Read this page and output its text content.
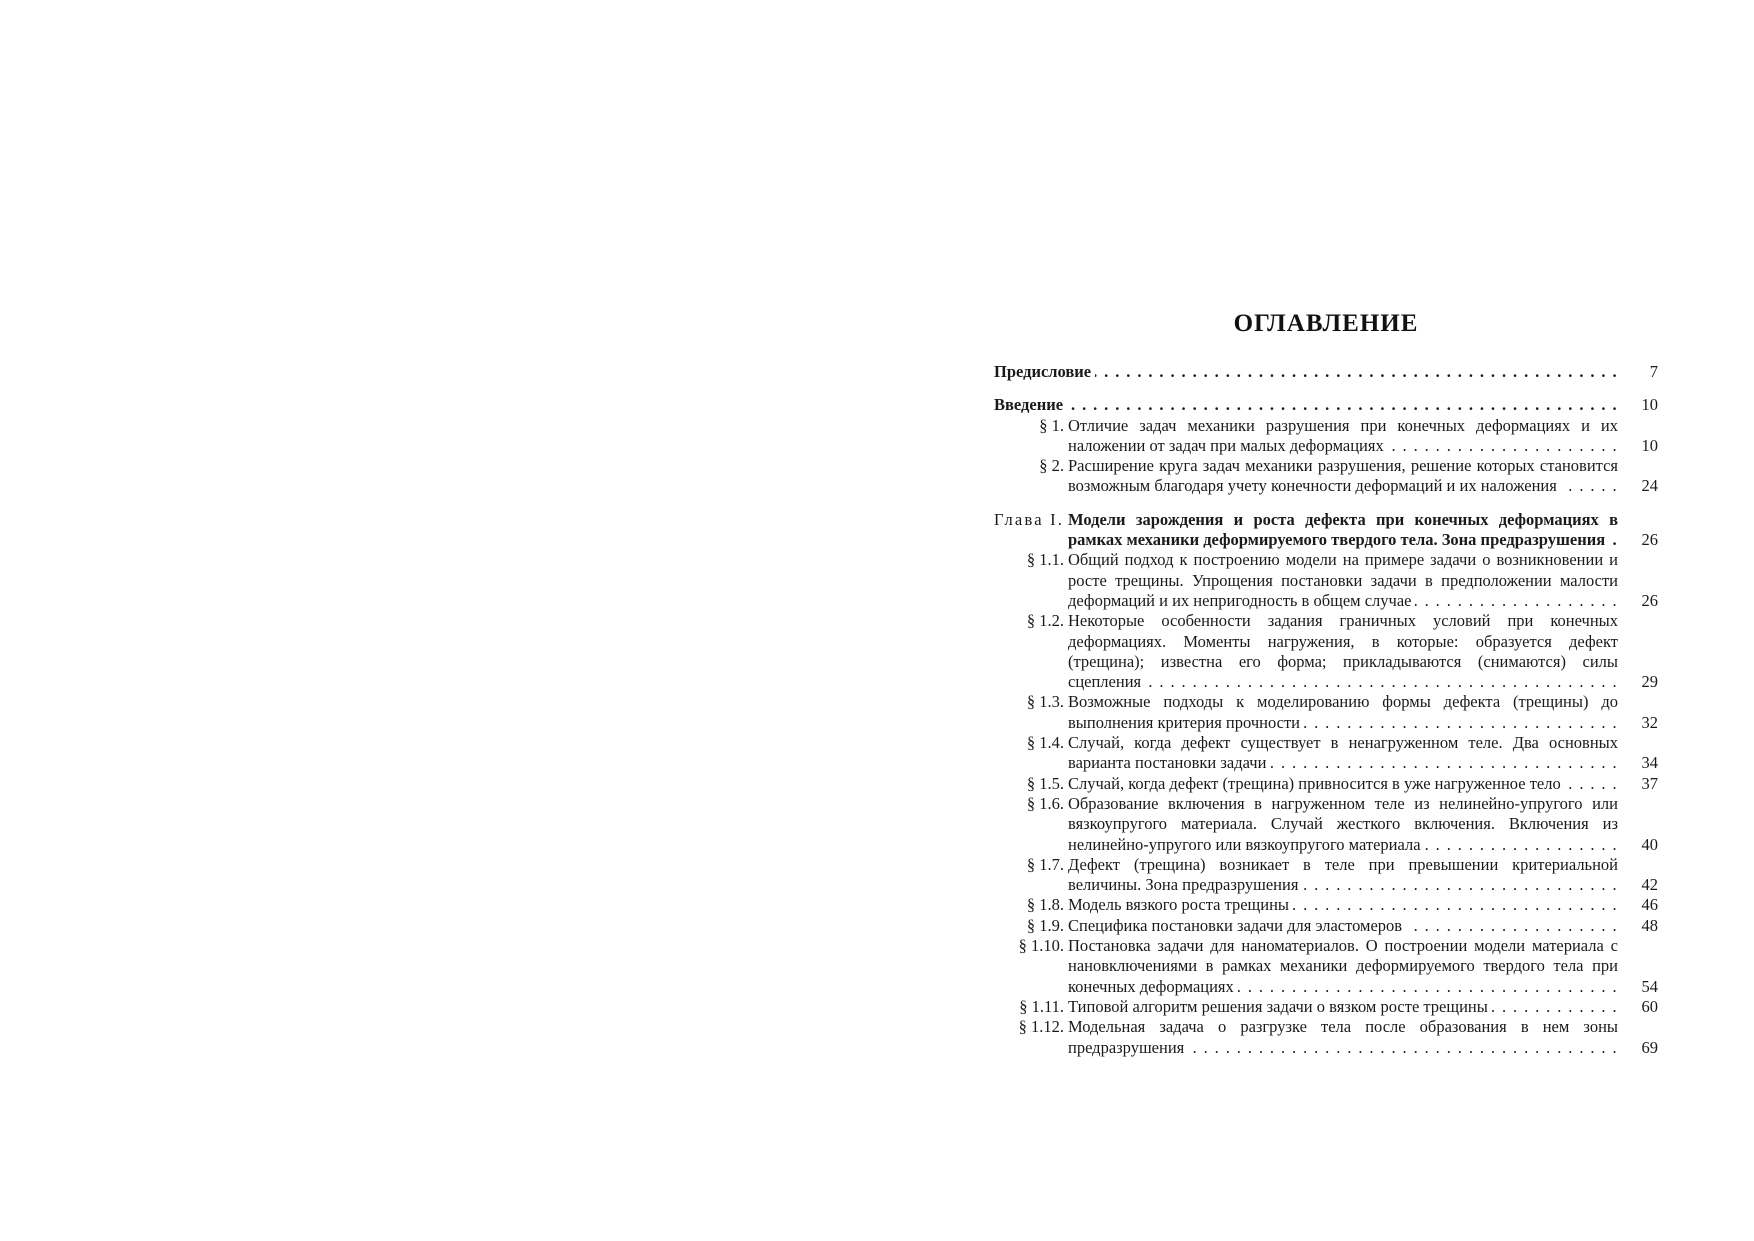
ОГЛАВЛЕНИЕ
Предисловие . . .	7
Введение . . .	10
§ 1. Отличие задач механики разрушения при конечных деформациях и их наложении от задач при малых деформациях . . .	10
§ 2. Расширение круга задач механики разрушения, решение которых становится возможным благодаря учету конечности деформаций и их наложения . . .	24
Глава I. Модели зарождения и роста дефекта при конечных деформациях в рамках механики деформируемого твердого тела. Зона предразрушения . . .	26
§ 1.1. Общий подход к построению модели на примере задачи о возникновении и росте трещины. Упрощения постановки задачи в предположении малости деформаций и их непригодность в общем случае . . .	26
§ 1.2. Некоторые особенности задания граничных условий при конечных деформациях. Моменты нагружения, в которые: образуется дефект (трещина); известна его форма; прикладываются (снимаются) силы сцепления . . .	29
§ 1.3. Возможные подходы к моделированию формы дефекта (трещины) до выполнения критерия прочности . . .	32
§ 1.4. Случай, когда дефект существует в ненагруженном теле. Два основных варианта постановки задачи . . .	34
§ 1.5. Случай, когда дефект (трещина) привносится в уже нагруженное тело . . .	37
§ 1.6. Образование включения в нагруженном теле из нелинейно-упругого или вязкоупругого материала. Случай жесткого включения. Включения из нелинейно-упругого или вязкоупругого материала . . .	40
§ 1.7. Дефект (трещина) возникает в теле при превышении критериальной величины. Зона предразрушения . . .	42
§ 1.8. Модель вязкого роста трещины . . .	46
§ 1.9. Специфика постановки задачи для эластомеров . . .	48
§ 1.10. Постановка задачи для наноматериалов. О построении модели материала с нановключениями в рамках механики деформируемого твердого тела при конечных деформациях . . .	54
§ 1.11. Типовой алгоритм решения задачи о вязком росте трещины . . .	60
§ 1.12. Модельная задача о разгрузке тела после образования в нем зоны предразрушения . . .	69
